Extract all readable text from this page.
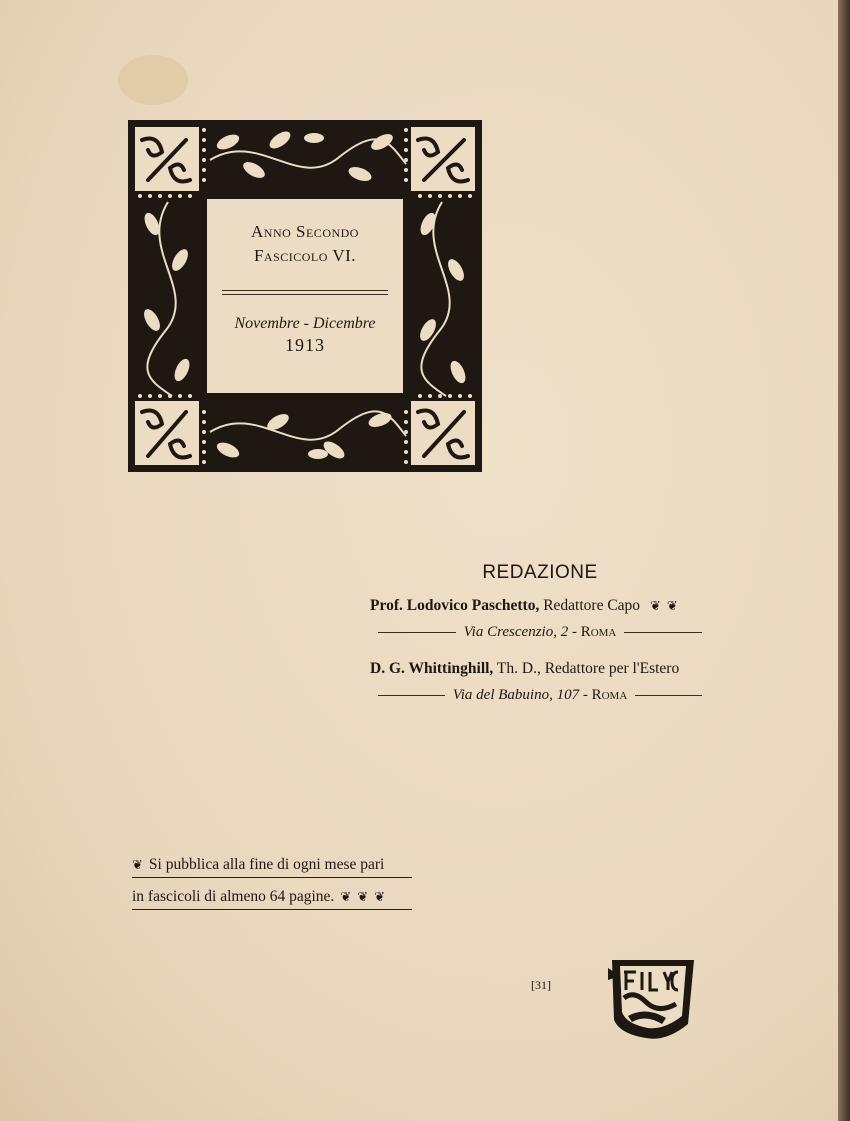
Anno Secondo
Fascicolo VI.
Novembre - Dicembre
1913
REDAZIONE
Prof. Lodovico Paschetto, Redattore Capo ❦ ❦
Via Crescenzio, 2 - Roma
D. G. Whittinghill, Th. D., Redattore per l'Estero
Via del Babuino, 107 - Roma
❦ Si pubblica alla fine di ogni mese pari
in fascicoli di almeno 64 pagine. ❦ ❦ ❦
[31]
